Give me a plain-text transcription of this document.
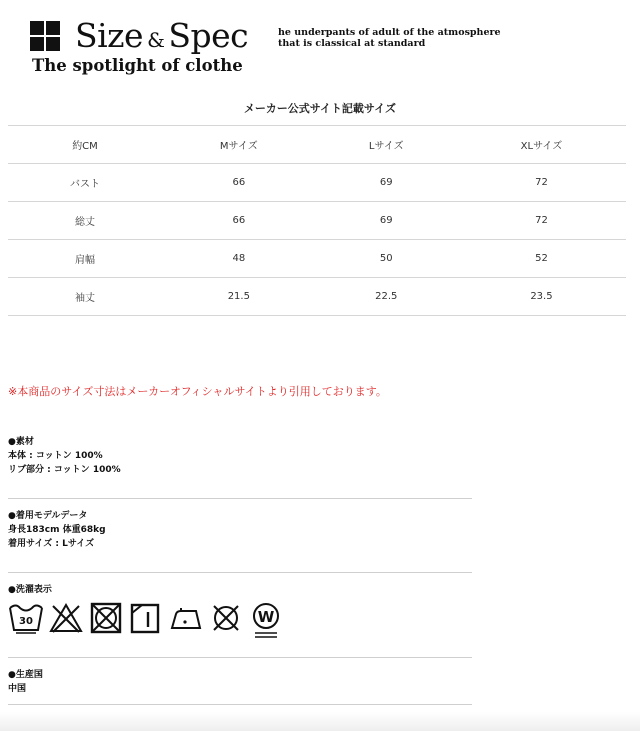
Size & Spec	he underpants of adult of the atmosphere
that is classical at standard
The spotlight of clothe
メーカー公式サイト記載サイズ
約CM	Mサイズ	Lサイズ	XLサイズ
バスト	66	69	72
総丈	66	69	72
肩幅	48	50	52
袖丈	21.5	22.5	23.5
※本商品のサイズ寸法はメーカーオフィシャルサイトより引用しております。
●素材
本体 : コットン 100%
リブ部分 : コットン 100%
●着用モデルデータ
身長183cm 体重68kg
着用サイズ : Lサイズ
●洗濯表示
30	W
●生産国
中国
